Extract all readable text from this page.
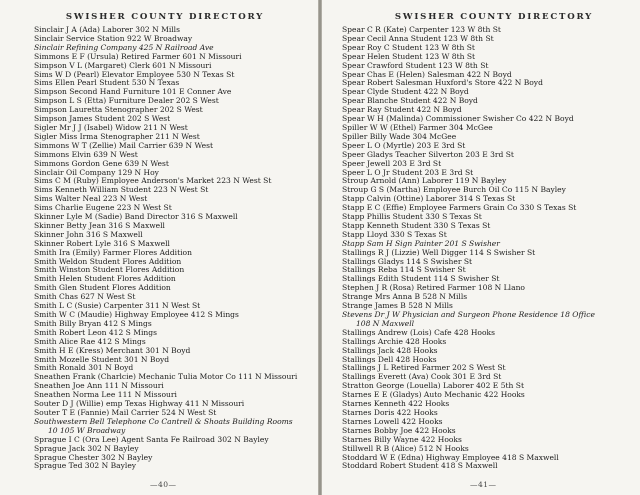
SWISHER COUNTY DIRECTORY
Sinclair J A (Ada) Laborer 302 N Mills
Sinclair Service Station 922 W Broadway
Sinclair Refining Company 425 N Railroad Ave
Simmons E F (Ursula) Retired Farmer 601 N Missouri
Simpson V L (Margaret) Clerk 601 N Missouri
Sims W D (Pearl) Elevator Employee 530 N Texas St
Sims Ellen Pearl Student 530 N Texas
Simpson Second Hand Furniture 101 E Conner Ave
Simpson L S (Etta) Furniture Dealer 202 S West
Simpson Lauretta Stenographer 202 S West
Simpson James Student 202 S West
Sigler Mr J J (Isabel) Widow 211 N West
Sigler Miss Irma Stenographer 211 N West
Simmons W T (Zellie) Mail Carrier 639 N West
Simmons Elvin 639 N West
Simmons Gordon Gene 639 N West
Sinclair Oil Company 129 N Hoy
Sims C M (Ruby) Employee Anderson's Market 223 N West St
Sims Kenneth William Student 223 N West St
Sims Walter Neal 223 N West
Sims Charlie Eugene 223 N West St
Skinner Lyle M (Sadie) Band Director 316 S Maxwell
Skinner Betty Jean 316 S Maxwell
Skinner John 316 S Maxwell
Skinner Robert Lyle 316 S Maxwell
Smith Ira (Emily) Farmer Flores Addition
Smith Weldon Student Flores Addition
Smith Winston Student Flores Addition
Smith Helen Student Flores Addition
Smith Glen Student Flores Addition
Smith Chas 627 N West St
Smith L C (Susie) Carpenter 311 N West St
Smith W C (Maudie) Highway Employee 412 S Mings
Smith Billy Bryan 412 S Mings
Smith Robert Leon 412 S Mings
Smith Alice Rae 412 S Mings
Smith H E (Kress) Merchant 301 N Boyd
Smith Mozelle Student 301 N Boyd
Smith Ronald 301 N Boyd
Sneathen Frank (Charlcie) Mechanic Tulia Motor Co 111 N Missouri
Sneathen Joe Ann 111 N Missouri
Sneathen Norma Lee 111 N Missouri
Souter D J (Willie) emp Texas Highway 411 N Missouri
Souter T E (Fannie) Mail Carrier 524 N West St
Southwestern Bell Telephone Co Cantrell & Shoats Building Rooms
10 105 W Broadway
Sprague I C (Ora Lee) Agent Santa Fe Railroad 302 N Bayley
Sprague Jack 302 N Bayley
Sprague Chester 302 N Bayley
Sprague Ted 302 N Bayley
—40—
SWISHER COUNTY DIRECTORY
Spear C R (Kate) Carpenter 123 W 8th St
Spear Cecil Anna Student 123 W 8th St
Spear Roy C Student 123 W 8th St
Spear Helen Student 123 W 8th St
Spear Crawford Student 123 W 8th St
Spear Chas E (Helen) Salesman 422 N Boyd
Spear Robert Salesman Huxford's Store 422 N Boyd
Spear Clyde Student 422 N Boyd
Spear Blanche Student 422 N Boyd
Spear Ray Student 422 N Boyd
Spear W H (Malinda) Commissioner Swisher Co 422 N Boyd
Spiller W W (Ethel) Farmer 304 McGee
Spiller Billy Wade 304 McGee
Speer L O (Myrtle) 203 E 3rd St
Speer Gladys Teacher Silverton 203 E 3rd St
Speer Jewell 203 E 3rd St
Speer L O Jr Student 203 E 3rd St
Stroup Arnold (Ann) Laborer 119 N Bayley
Stroup G S (Martha) Employee Burch Oil Co 115 N Bayley
Stapp Calvin (Ottine) Laborer 314 S Texas St
Stapp E C (Effie) Employee Farmers Grain Co 330 S Texas St
Stapp Phillis Student 330 S Texas St
Stapp Kenneth Student 330 S Texas St
Stapp Lloyd 330 S Texas St
Stapp Sam H Sign Painter 201 S Swisher
Stallings R J (Lizzie) Well Digger 114 S Swisher St
Stallings Gladys 114 S Swisher St
Stallings Reba 114 S Swisher St
Stallings Edith Student 114 S Swisher St
Stephen J R (Rosa) Retired Farmer 108 N Llano
Strange Mrs Anna B 528 N Mills
Strange James B 528 N Mills
Stevens Dr J W Physician and Surgeon Phone Residence 18 Office
108 N Maxwell
Stallings Andrew (Lois) Cafe 428 Hooks
Stallings Archie 428 Hooks
Stallings Jack 428 Hooks
Stallings Dell 428 Hooks
Stallings J L Retired Farmer 202 S West St
Stallings Everett (Ava) Cook 301 E 3rd St
Stratton George (Louella) Laborer 402 E 5th St
Starnes E E (Gladys) Auto Mechanic 422 Hooks
Starnes Kenneth 422 Hooks
Starnes Doris 422 Hooks
Starnes Lowell 422 Hooks
Starnes Bobby Joe 422 Hooks
Starnes Billy Wayne 422 Hooks
Stillwell R B (Alice) 512 N Hooks
Stoddard W E (Edna) Highway Employee 418 S Maxwell
Stoddard Robert Student 418 S Maxwell
—41—
